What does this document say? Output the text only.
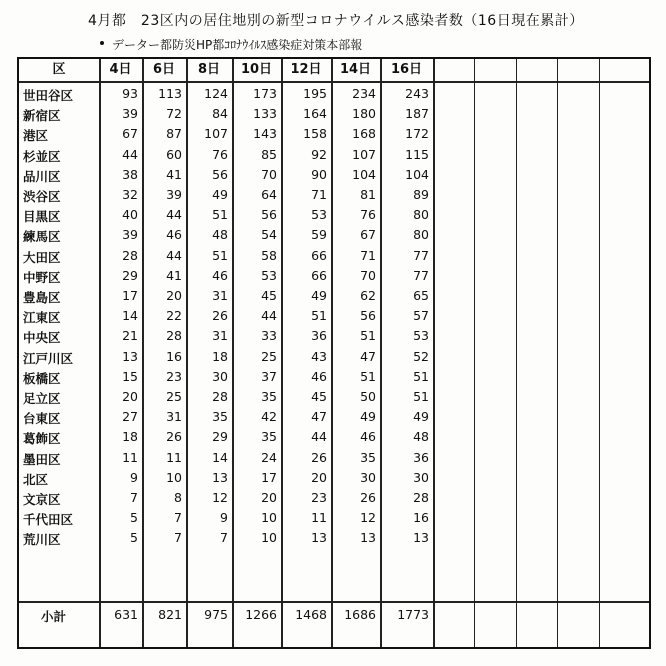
4月都　23区内の居住地別の新型コロナウイルス感染者数（16日現在累計）
データー都防災HP都ｺﾛﾅｳｲﾙｽ感染症対策本部報
区	4日	6日	8日	10日	12日	14日	16日
世田谷区	93 113 124 173 195 234 243
新宿区	39 72 84 133 164 180 187
港区	67 87 107 143 158 168 172
杉並区	44 60 76	85	92 107 115
品川区	38 41 56	70	90 104 104
渋谷区	32 39 49	64	71	81	89
目黒区	40 44 51	56	53	76	80
練馬区	39 46 48	54	59	67	80
大田区	28 44 51	58	66	71	77
中野区	29 41 46	53	66	70	77
豊島区	17 20 31	45	49	62	65
江東区	14 22 26	44	51	56	57
中央区	21 28 31	33	36	51	53
江戸川区	13 16 18	25	43	47	52
板橋区	15 23 30	37	46	51	51
足立区	20 25 28	35	45	50	51
台東区	27 31 35	42	47	49	49
葛飾区	18 26 29	35	44	46	48
墨田区	11 11 14	24	26	35	36
北区	9 10 13	17	20	30	30
文京区	7	8 12	20	23	26	28
千代田区	5	7	9	10	11	12	16
荒川区	5	7	7	10	13	13	13
小計	631 821 975 1266 1468 1686 1773
